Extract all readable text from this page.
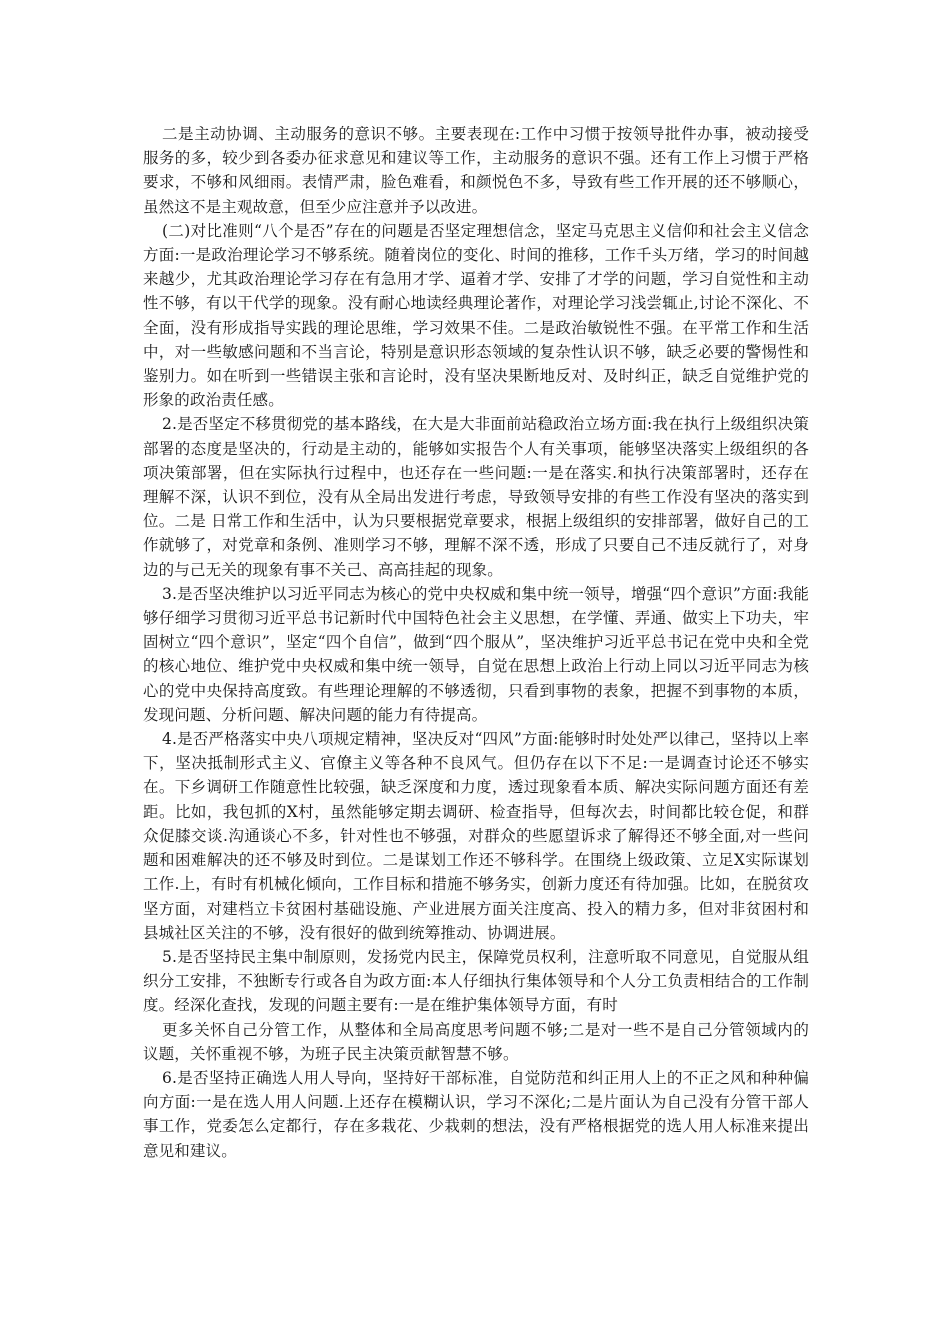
二是主动协调、主动服务的意识不够。主要表现在:工作中习惯于按领导批件办事，被动接受服务的多，较少到各委办征求意见和建议等工作，主动服务的意识不强。还有工作上习惯于严格要求，不够和风细雨。表情严肃，脸色难看，和颜悦色不多，导致有些工作开展的还不够顺心，虽然这不是主观故意，但至少应注意并予以改进。

(二)对比准则“八个是否”存在的问题是否坚定理想信念，坚定马克思主义信仰和社会主义信念方面:一是政治理论学习不够系统。随着岗位的变化、时间的推移，工作千头万绪，学习的时间越来越少，尤其政治理论学习存在有急用才学、逼着才学、安排了才学的问题，学习自觉性和主动性不够，有以干代学的现象。没有耐心地读经典理论著作，对理论学习浅尝辄止,讨论不深化、不全面，没有形成指导实践的理论思维，学习效果不佳。二是政治敏锐性不强。在平常工作和生活中，对一些敏感问题和不当言论，特别是意识形态领域的复杂性认识不够，缺乏必要的警惕性和鉴别力。如在听到一些错误主张和言论时，没有坚决果断地反对、及时纠正，缺乏自觉维护党的形象的政治责任感。

2.是否坚定不移贯彻党的基本路线，在大是大非面前站稳政治立场方面:我在执行上级组织决策部署的态度是坚决的，行动是主动的，能够如实报告个人有关事项，能够坚决落实上级组织的各项决策部署，但在实际执行过程中，也还存在一些问题:一是在落实.和执行决策部署时，还存在理解不深，认识不到位，没有从全局出发进行考虑，导致领导安排的有些工作没有坚决的落实到位。二是 日常工作和生活中，认为只要根据党章要求，根据上级组织的安排部署，做好自己的工作就够了，对党章和条例、准则学习不够，理解不深不透，形成了只要自己不违反就行了，对身边的与己无关的现象有事不关己、高高挂起的现象。

3.是否坚决维护以习近平同志为核心的党中央权威和集中统一领导，增强“四个意识”方面:我能够仔细学习贯彻习近平总书记新时代中国特色社会主义思想，在学懂、弄通、做实上下功夫，牢固树立“四个意识”，坚定“四个自信”，做到“四个服从”，坚决维护习近平总书记在党中央和全党的核心地位、维护党中央权威和集中统一领导，自觉在思想上政治上行动上同以习近平同志为核心的党中央保持高度致。有些理论理解的不够透彻，只看到事物的表象，把握不到事物的本质，发现问题、分析问题、解决问题的能力有待提高。

4.是否严格落实中央八项规定精神，坚决反对“四风”方面:能够时时处处严以律己，坚持以上率下，坚决抵制形式主义、官僚主义等各种不良风气。但仍存在以下不足:一是调查讨论还不够实在。下乡调研工作随意性比较强，缺乏深度和力度，透过现象看本质、解决实际问题方面还有差距。比如，我包抓的X村，虽然能够定期去调研、检查指导，但每次去，时间都比较仓促，和群众促膝交谈.沟通谈心不多，针对性也不够强，对群众的些愿望诉求了解得还不够全面,对一些问题和困难解决的还不够及时到位。二是谋划工作还不够科学。在围绕上级政策、立足X实际谋划工作.上，有时有机械化倾向，工作目标和措施不够务实，创新力度还有待加强。比如，在脱贫攻坚方面，对建档立卡贫困村基础设施、产业进展方面关注度高、投入的精力多，但对非贫困村和县城社区关注的不够，没有很好的做到统筹推动、协调进展。

5.是否坚持民主集中制原则，发扬党内民主，保障党员权利，注意听取不同意见，自觉服从组织分工安排，不独断专行或各自为政方面:本人仔细执行集体领导和个人分工负责相结合的工作制度。经深化查找，发现的问题主要有:一是在维护集体领导方面，有时

更多关怀自己分管工作，从整体和全局高度思考问题不够;二是对一些不是自己分管领域内的议题，关怀重视不够，为班子民主决策贡献智慧不够。

6.是否坚持正确选人用人导向，坚持好干部标准，自觉防范和纠正用人上的不正之风和种种偏向方面:一是在选人用人问题.上还存在模糊认识，学习不深化;二是片面认为自己没有分管干部人事工作，党委怎么定都行，存在多栽花、少栽刺的想法，没有严格根据党的选人用人标准来提出意见和建议。
